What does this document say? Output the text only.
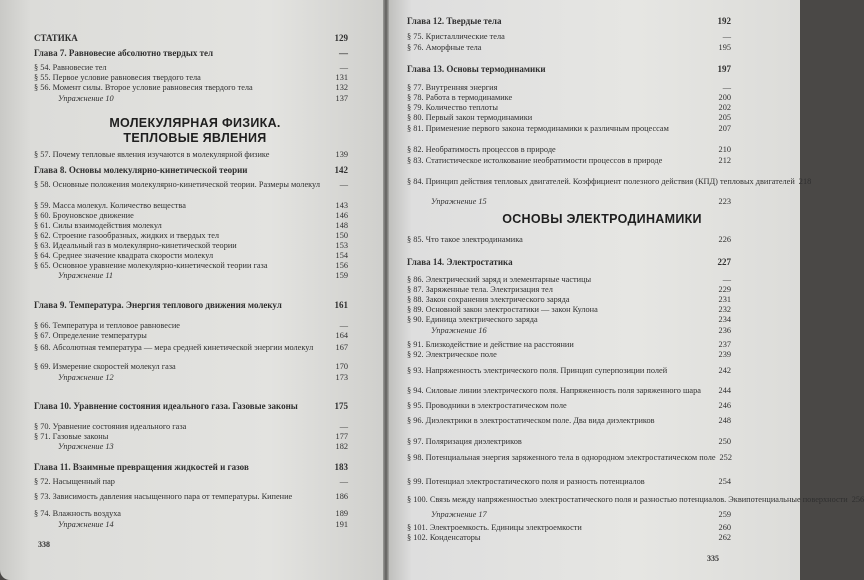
МОЛЕКУЛЯРНАЯ ФИЗИКА. ТЕПЛОВЫЕ ЯВЛЕНИЯ
СТАТИКА	129
Глава 7. Равновесие абсолютно твердых тел	—
§ 54. Равновесие тел	—
§ 55. Первое условие равновесия твердого тела	131
§ 56. Момент силы. Второе условие равновесия твердого тела	132
Упражнение 10	137
§ 57. Почему тепловые явления изучаются в молекулярной физике	139
Глава 8. Основы молекулярно-кинетической теории	142
§ 58. Основные положения молекулярно-кинетической теории. Размеры молекул	—
§ 59. Масса молекул. Количество вещества	143
§ 60. Броуновское движение	146
§ 61. Силы взаимодействия молекул	148
§ 62. Строение газообразных, жидких и твердых тел	150
§ 63. Идеальный газ в молекулярно-кинетической теории	153
§ 64. Среднее значение квадрата скорости молекул	154
§ 65. Основное уравнение молекулярно-кинетической теории газа	156
Упражнение 11	159
Глава 9. Температура. Энергия теплового движения молекул	161
§ 66. Температура и тепловое равновесие	—
§ 67. Определение температуры	164
§ 68. Абсолютная температура — мера средней кинетической энергии молекул	167
§ 69. Измерение скоростей молекул газа	170
Упражнение 12	173
Глава 10. Уравнение состояния идеального газа. Газовые законы	175
§ 70. Уравнение состояния идеального газа	—
§ 71. Газовые законы	177
Упражнение 13	182
Глава 11. Взаимные превращения жидкостей и газов	183
§ 72. Насыщенный пар	—
§ 73. Зависимость давления насыщенного пара от температуры. Кипение	186
§ 74. Влажность воздуха	189
Упражнение 14	191
338
ОСНОВЫ ЭЛЕКТРОДИНАМИКИ
Глава 12. Твердые тела	192
§ 75. Кристаллические тела	—
§ 76. Аморфные тела	195
Глава 13. Основы термодинамики	197
§ 77. Внутренняя энергия	—
§ 78. Работа в термодинамике	200
§ 79. Количество теплоты	202
§ 80. Первый закон термодинамики	205
§ 81. Применение первого закона термодинамики к различным процессам	207
§ 82. Необратимость процессов в природе	210
§ 83. Статистическое истолкование необратимости процессов в природе	212
§ 84. Принцип действия тепловых двигателей. Коэффициент полезного действия (КПД) тепловых двигателей 218
Упражнение 15	223
§ 85. Что такое электродинамика	226
Глава 14. Электростатика	227
§ 86. Электрический заряд и элементарные частицы	—
§ 87. Заряженные тела. Электризация тел	229
§ 88. Закон сохранения электрического заряда	231
§ 89. Основной закон электростатики — закон Кулона	232
§ 90. Единица электрического заряда	234
Упражнение 16	236
§ 91. Близкодействие и действие на расстоянии	237
§ 92. Электрическое поле	239
§ 93. Напряженность электрического поля. Принцип суперпозиции полей	242
§ 94. Силовые линии электрического поля. Напряженность поля заряженного шара	244
§ 95. Проводники в электростатическом поле	246
§ 96. Диэлектрики в электростатическом поле. Два вида диэлектриков	248
§ 97. Поляризация диэлектриков	250
§ 98. Потенциальная энергия заряженного тела в однородном электростатическом поле 252
§ 99. Потенциал электростатического поля и разность потенциалов	254
§ 100. Связь между напряженностью электростатического поля и разностью потенциалов. Эквипотенциальные поверхности 256
Упражнение 17	259
§ 101. Электроемкость. Единицы электроемкости	260
§ 102. Конденсаторы	262
335
